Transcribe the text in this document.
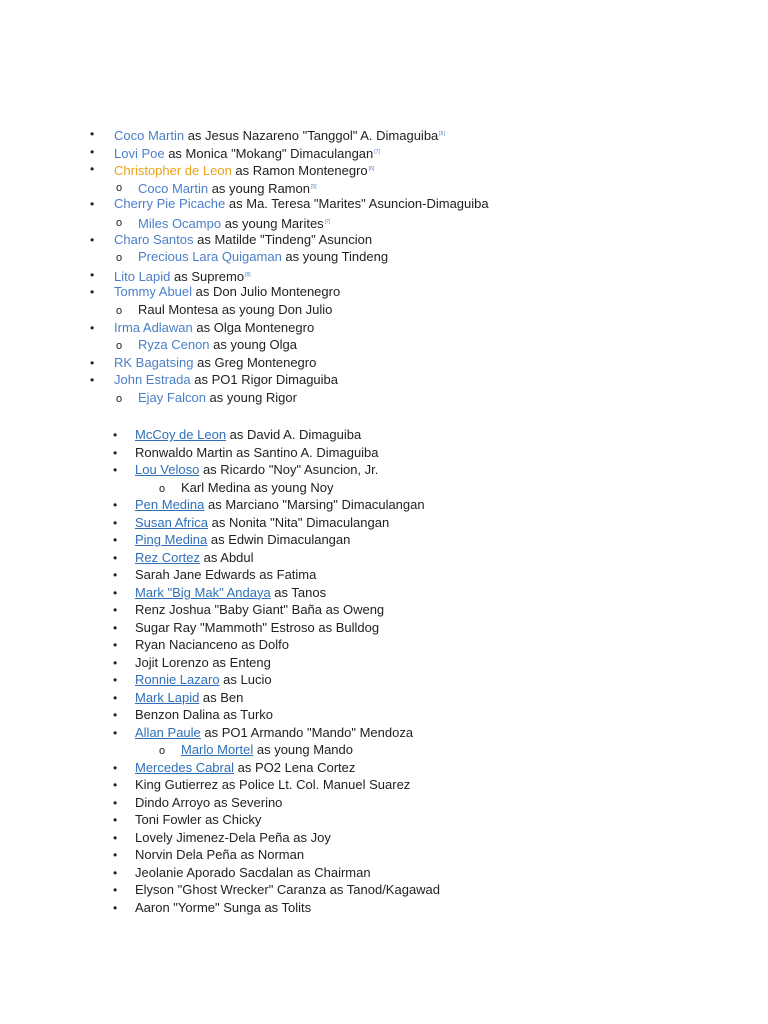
• Coco Martin as Jesus Nazareno "Tanggol" A. Dimaguiba[6]
• Lovi Poe as Monica "Mokang" Dimaculangan[7]
• Christopher de Leon as Ramon Montenegro[6]
o Coco Martin as young Ramon[5]
• Cherry Pie Picache as Ma. Teresa "Marites" Asuncion-Dimaguiba
o Miles Ocampo as young Marites[7]
• Charo Santos as Matilde "Tindeng" Asuncion
o Precious Lara Quigaman as young Tindeng
• Lito Lapid as Supremo[8]
• Tommy Abuel as Don Julio Montenegro
o Raul Montesa as young Don Julio
• Irma Adlawan as Olga Montenegro
o Ryza Cenon as young Olga
• RK Bagatsing as Greg Montenegro
• John Estrada as PO1 Rigor Dimaguiba
o Ejay Falcon as young Rigor
• McCoy de Leon as David A. Dimaguiba
• Ronwaldo Martin as Santino A. Dimaguiba
• Lou Veloso as Ricardo "Noy" Asuncion, Jr.
o Karl Medina as young Noy
• Pen Medina as Marciano "Marsing" Dimaculangan
• Susan Africa as Nonita "Nita" Dimaculangan
• Ping Medina as Edwin Dimaculangan
• Rez Cortez as Abdul
• Sarah Jane Edwards as Fatima
• Mark "Big Mak" Andaya as Tanos
• Renz Joshua "Baby Giant" Baña as Oweng
• Sugar Ray "Mammoth" Estroso as Bulldog
• Ryan Nacianceno as Dolfo
• Jojit Lorenzo as Enteng
• Ronnie Lazaro as Lucio
• Mark Lapid as Ben
• Benzon Dalina as Turko
• Allan Paule as PO1 Armando "Mando" Mendoza
o Marlo Mortel as young Mando
• Mercedes Cabral as PO2 Lena Cortez
• King Gutierrez as Police Lt. Col. Manuel Suarez
• Dindo Arroyo as Severino
• Toni Fowler as Chicky
• Lovely Jimenez-Dela Peña as Joy
• Norvin Dela Peña as Norman
• Jeolanie Aporado Sacdalan as Chairman
• Elyson "Ghost Wrecker" Caranza as Tanod/Kagawad
• Aaron "Yorme" Sunga as Tolits
